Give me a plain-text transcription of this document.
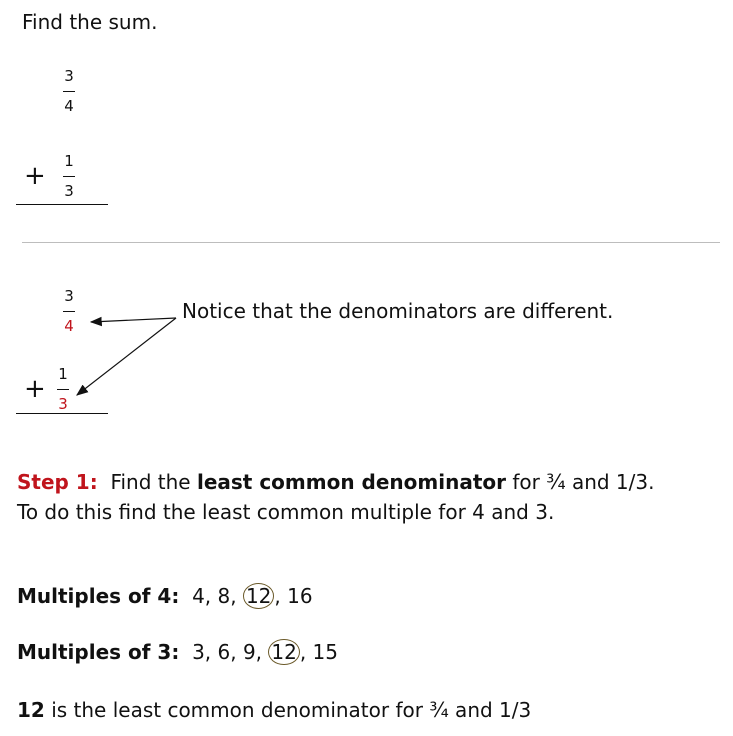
Find the sum.
3
4
+	1
3
3
4
+ 1
3
Notice that the denominators are different.
Step 1: Find the least common denominator for ¾ and 1/3.
To do this find the least common multiple for 4 and 3.
Multiples of 4: 4, 8, 12 , 16
Multiples of 3: 3, 6, 9, 12 , 15
12 is the least common denominator for ¾ and 1/3
